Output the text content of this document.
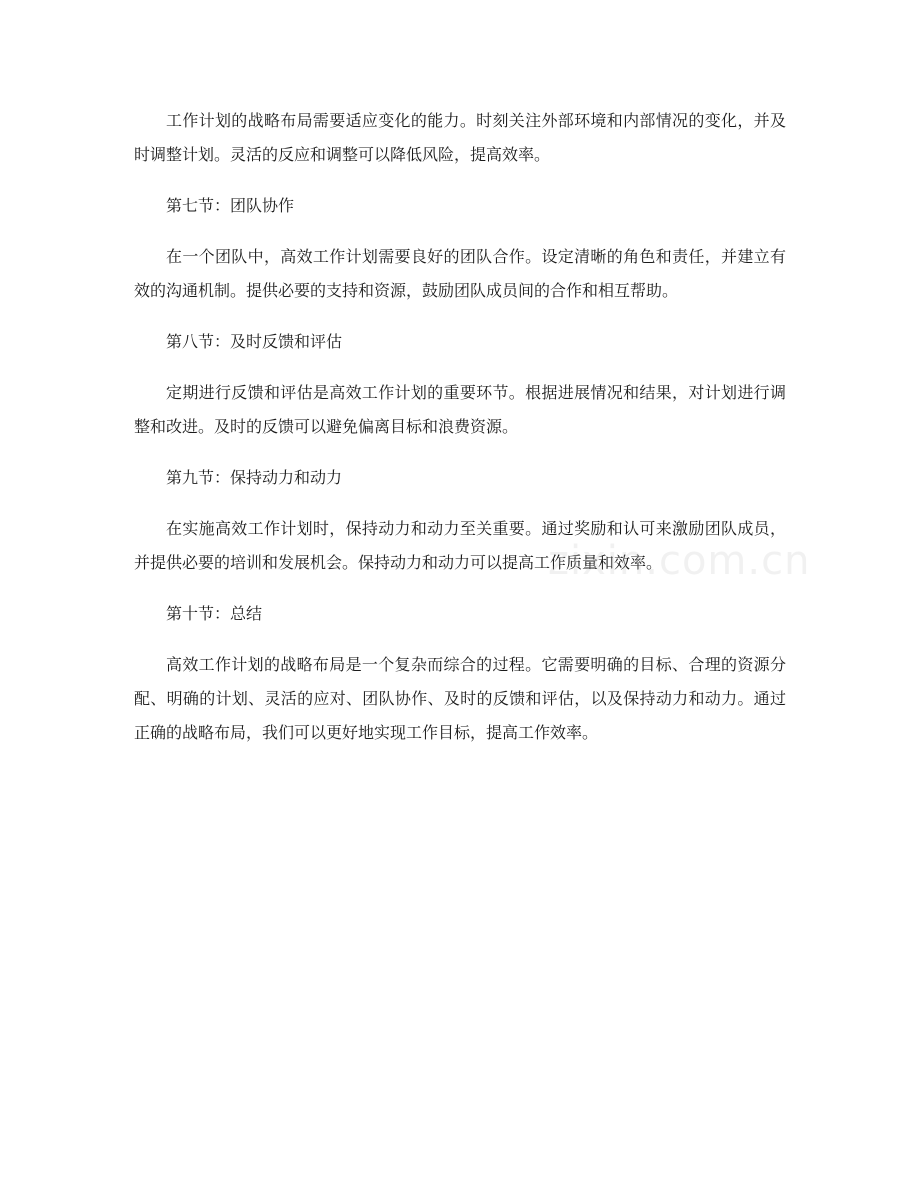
工作计划的战略布局需要适应变化的能力。时刻关注外部环境和内部情况的变化，并及时调整计划。灵活的反应和调整可以降低风险，提高效率。

第七节：团队协作

在一个团队中，高效工作计划需要良好的团队合作。设定清晰的角色和责任，并建立有效的沟通机制。提供必要的支持和资源，鼓励团队成员间的合作和相互帮助。

第八节：及时反馈和评估

定期进行反馈和评估是高效工作计划的重要环节。根据进展情况和结果，对计划进行调整和改进。及时的反馈可以避免偏离目标和浪费资源。

第九节：保持动力和动力

在实施高效工作计划时，保持动力和动力至关重要。通过奖励和认可来激励团队成员，并提供必要的培训和发展机会。保持动力和动力可以提高工作质量和效率。

第十节：总结

高效工作计划的战略布局是一个复杂而综合的过程。它需要明确的目标、合理的资源分配、明确的计划、灵活的应对、团队协作、及时的反馈和评估，以及保持动力和动力。通过正确的战略布局，我们可以更好地实现工作目标，提高工作效率。

zixin.com.cn
